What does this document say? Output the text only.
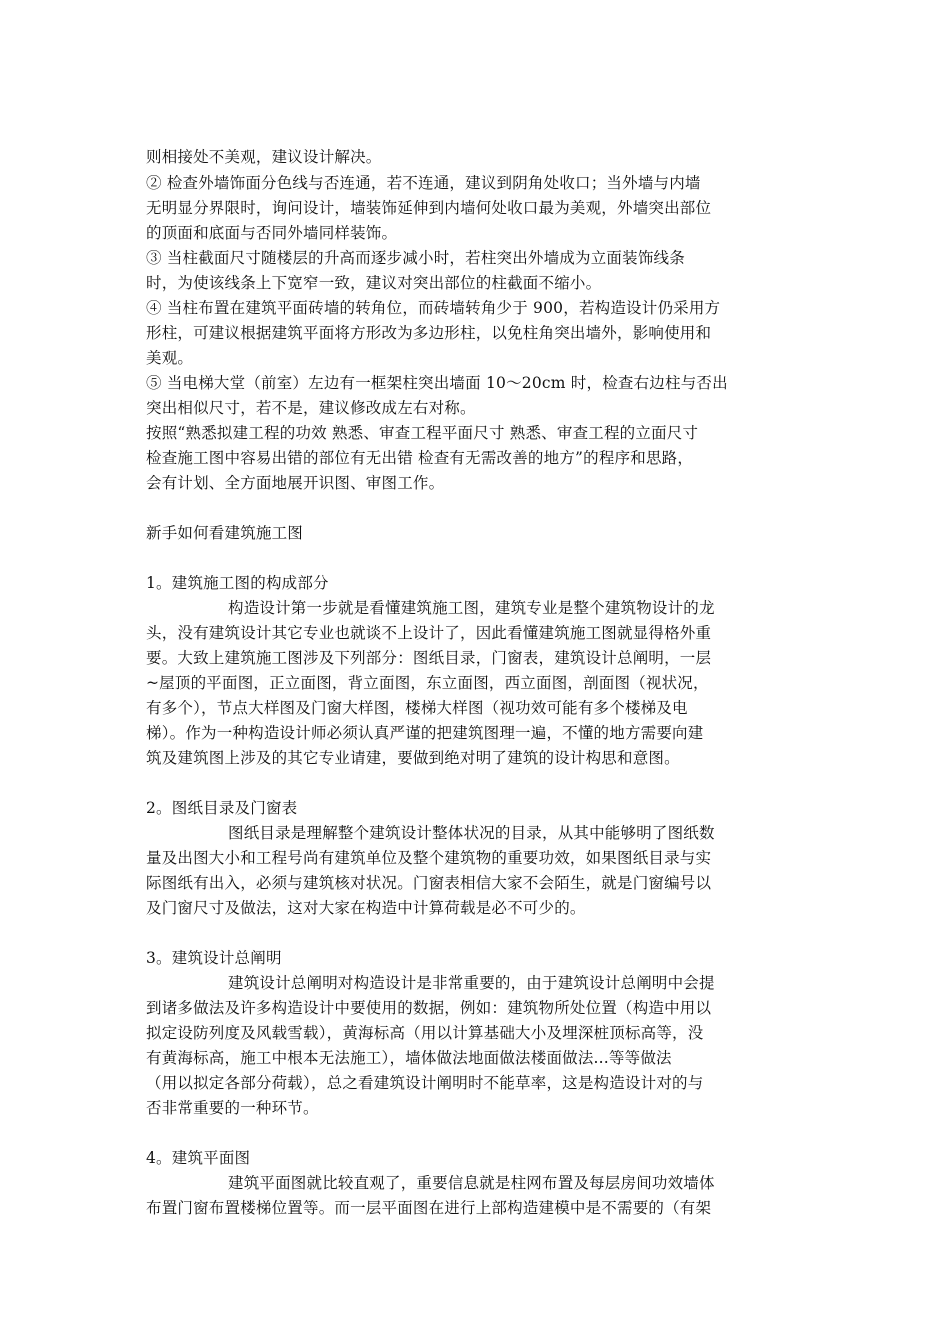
则相接处不美观，建议设计解决。
② 检查外墙饰面分色线与否连通，若不连通，建议到阴角处收口；当外墙与内墙
无明显分界限时，询问设计，墙装饰延伸到内墙何处收口最为美观，外墙突出部位
的顶面和底面与否同外墙同样装饰。
③ 当柱截面尺寸随楼层的升高而逐步减小时，若柱突出外墙成为立面装饰线条
时，为使该线条上下宽窄一致，建议对突出部位的柱截面不缩小。
④ 当柱布置在建筑平面砖墙的转角位，而砖墙转角少于 900，若构造设计仍采用方
形柱，可建议根据建筑平面将方形改为多边形柱，以免柱角突出墙外，影响使用和
美观。
⑤ 当电梯大堂（前室）左边有一框架柱突出墙面 10～20cm 时，检查右边柱与否出
突出相似尺寸，若不是，建议修改成左右对称。
按照“熟悉拟建工程的功效 熟悉、审查工程平面尺寸 熟悉、审查工程的立面尺寸
检查施工图中容易出错的部位有无出错 检查有无需改善的地方”的程序和思路，
会有计划、全方面地展开识图、审图工作。
新手如何看建筑施工图
1。建筑施工图的构成部分
构造设计第一步就是看懂建筑施工图，建筑专业是整个建筑物设计的龙
头，没有建筑设计其它专业也就谈不上设计了，因此看懂建筑施工图就显得格外重
要。大致上建筑施工图涉及下列部分：图纸目录，门窗表，建筑设计总阐明，一层
~屋顶的平面图，正立面图，背立面图，东立面图，西立面图，剖面图（视状况，
有多个），节点大样图及门窗大样图，楼梯大样图（视功效可能有多个楼梯及电
梯）。作为一种构造设计师必须认真严谨的把建筑图理一遍，不懂的地方需要向建
筑及建筑图上涉及的其它专业请建，要做到绝对明了建筑的设计构思和意图。
2。图纸目录及门窗表
图纸目录是理解整个建筑设计整体状况的目录，从其中能够明了图纸数
量及出图大小和工程号尚有建筑单位及整个建筑物的重要功效，如果图纸目录与实
际图纸有出入，必须与建筑核对状况。门窗表相信大家不会陌生，就是门窗编号以
及门窗尺寸及做法，这对大家在构造中计算荷载是必不可少的。
3。建筑设计总阐明
建筑设计总阐明对构造设计是非常重要的，由于建筑设计总阐明中会提
到诸多做法及许多构造设计中要使用的数据，例如：建筑物所处位置（构造中用以
拟定设防列度及风载雪载），黄海标高（用以计算基础大小及埋深桩顶标高等，没
有黄海标高，施工中根本无法施工），墙体做法地面做法楼面做法...等等做法
（用以拟定各部分荷载），总之看建筑设计阐明时不能草率，这是构造设计对的与
否非常重要的一种环节。
4。建筑平面图
建筑平面图就比较直观了，重要信息就是柱网布置及每层房间功效墙体
布置门窗布置楼梯位置等。而一层平面图在进行上部构造建模中是不需要的（有架
